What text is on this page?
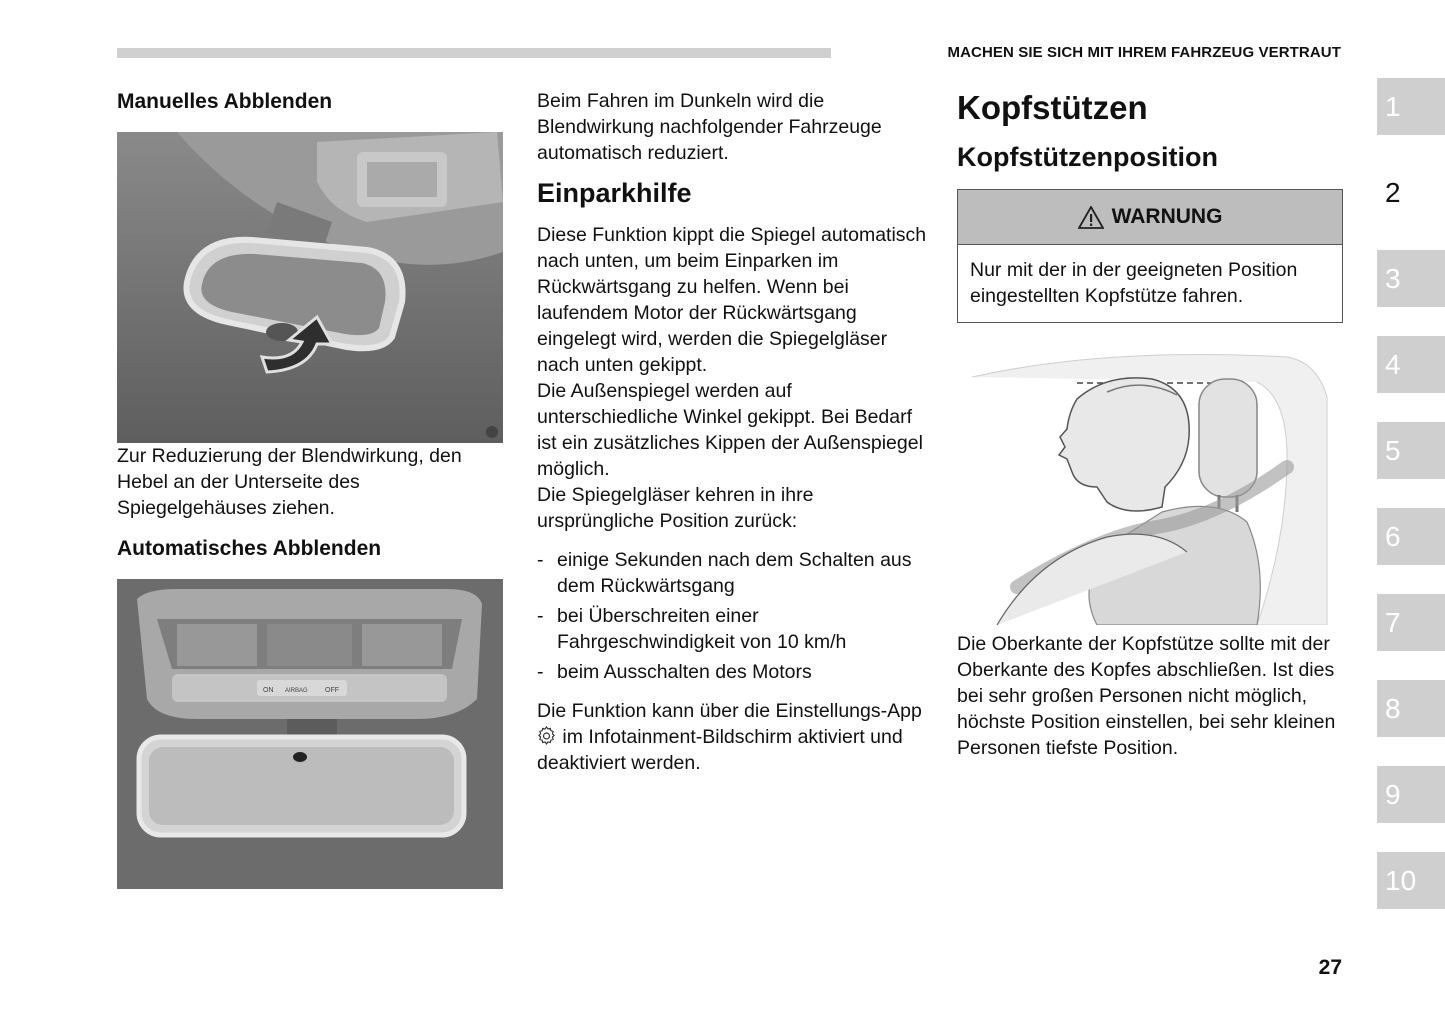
MACHEN SIE SICH MIT IHREM FAHRZEUG VERTRAUT
Manuelles Abblenden

Zur Reduzierung der Blendwirkung, den Hebel an der Unterseite des Spiegelgehäuses ziehen.

Automatisches Abblenden
ON AIRBAG OFF

Beim Fahren im Dunkeln wird die Blendwirkung nachfolgender Fahrzeuge automatisch reduziert.

Einparkhilfe

Diese Funktion kippt die Spiegel automatisch nach unten, um beim Einparken im Rückwärtsgang zu helfen. Wenn bei laufendem Motor der Rückwärtsgang eingelegt wird, werden die Spiegelgläser nach unten gekippt.

Die Außenspiegel werden auf unterschiedliche Winkel gekippt. Bei Bedarf ist ein zusätzliches Kippen der Außenspiegel möglich.

Die Spiegelgläser kehren in ihre ursprüngliche Position zurück:

- einige Sekunden nach dem Schalten aus dem Rückwärtsgang
- bei Überschreiten einer Fahrgeschwindigkeit von 10 km/h
- beim Ausschalten des Motors

Die Funktion kann über die Einstellungs-App  im Infotainment-Bildschirm aktiviert und deaktiviert werden.

Kopfstützen
Kopfstützenposition
WARNUNG

Nur mit der in der geeigneten Position eingestellten Kopfstütze fahren.

Die Oberkante der Kopfstütze sollte mit der Oberkante des Kopfes abschließen. Ist dies bei sehr großen Personen nicht möglich, höchste Position einstellen, bei sehr kleinen Personen tiefste Position.

1
2
3
4
5
6
7
8
9
10
27
